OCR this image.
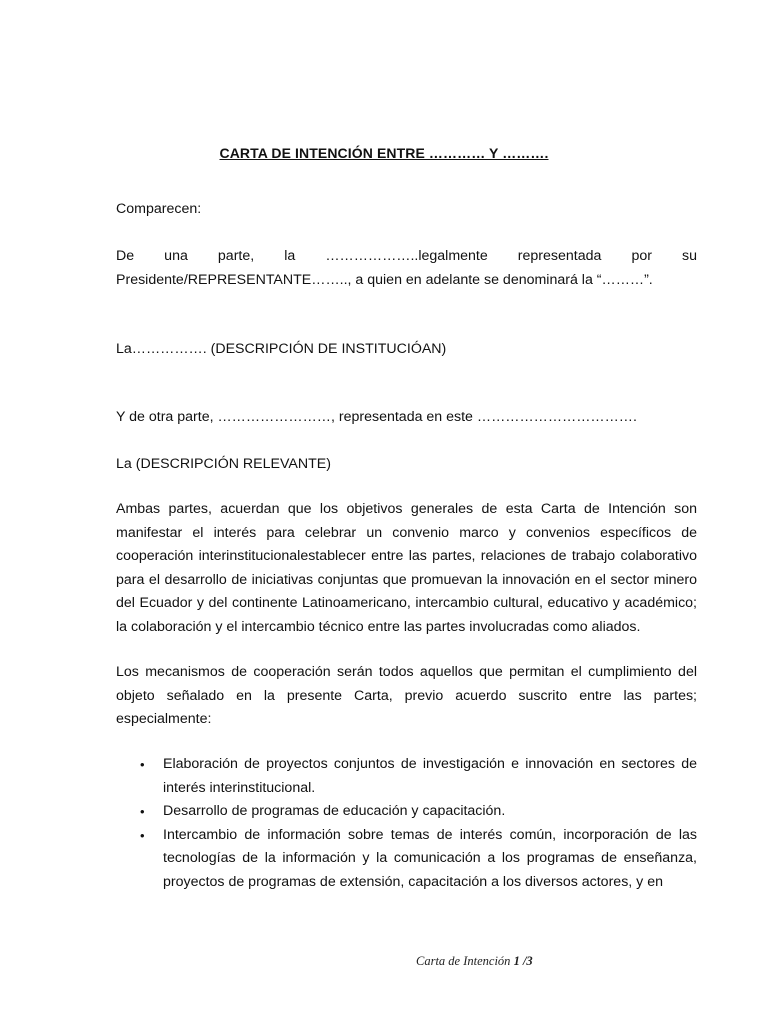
CARTA DE INTENCIÓN ENTRE ………… Y ……….
Comparecen:
De una parte, la ………………..legalmente representada por su
Presidente/REPRESENTANTE…….., a quien en adelante se denominará la “………”.
La……………. (DESCRIPCIÓN DE INSTITUCIÓAN)
Y de otra parte, ……………………, representada en este …………………………….
La (DESCRIPCIÓN RELEVANTE)
Ambas partes, acuerdan que los objetivos generales de esta Carta de Intención son manifestar el interés para celebrar un convenio marco y convenios específicos de cooperación interinstitucionalestablecer entre las partes, relaciones de trabajo colaborativo para el desarrollo de iniciativas conjuntas que promuevan la innovación en el sector minero del Ecuador y del continente Latinoamericano, intercambio cultural, educativo y académico; la colaboración y el intercambio técnico entre las partes involucradas como aliados.
Los mecanismos de cooperación serán todos aquellos que permitan el cumplimiento del objeto señalado en la presente Carta, previo acuerdo suscrito entre las partes; especialmente:
• Elaboración de proyectos conjuntos de investigación e innovación en sectores de interés interinstitucional.
• Desarrollo de programas de educación y capacitación.
• Intercambio de información sobre temas de interés común, incorporación de las tecnologías de la información y la comunicación a los programas de enseñanza, proyectos de programas de extensión, capacitación a los diversos actores, y en
Carta de Intención 1 /3
